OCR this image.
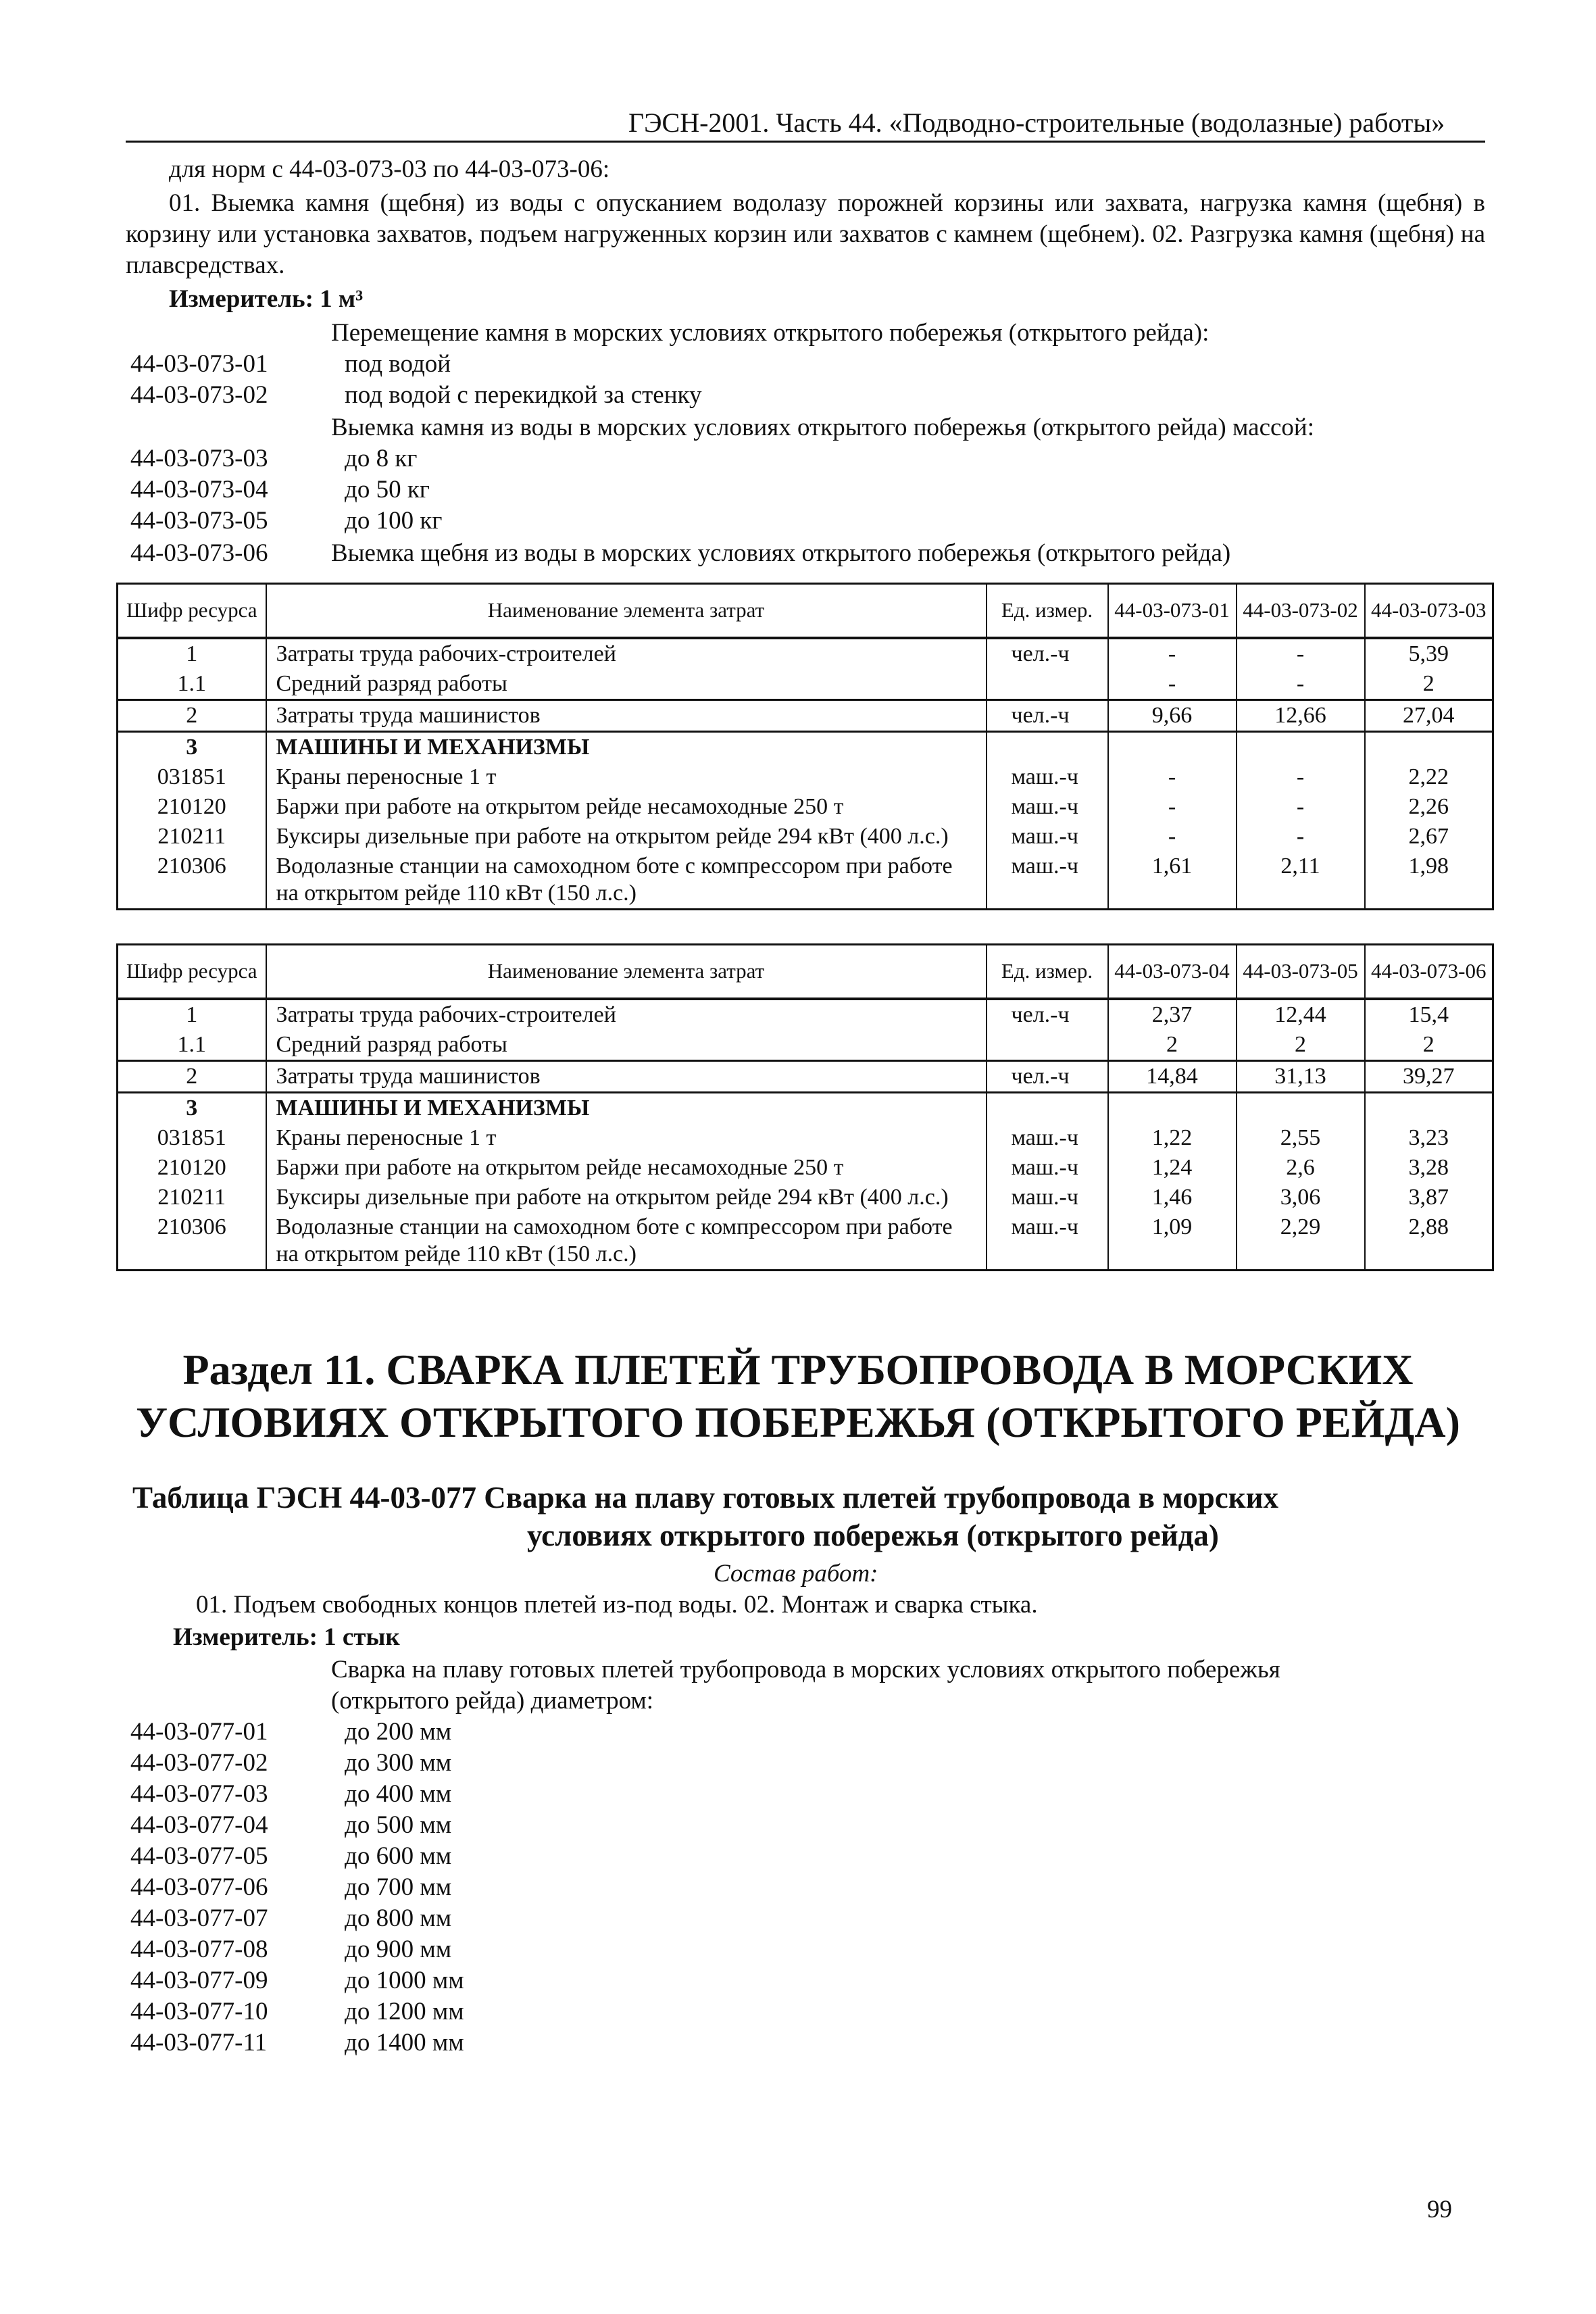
ГЭСН-2001. Часть 44. «Подводно-строительные (водолазные) работы»
для норм с 44-03-073-03 по 44-03-073-06:
01. Выемка камня (щебня) из воды с опусканием водолазу порожней корзины или захвата, нагрузка камня (щебня) в корзину или установка захватов, подъем нагруженных корзин или захватов с камнем (щебнем). 02. Разгрузка камня (щебня) на плавсредствах.
Измеритель: 1 м³
Перемещение камня в морских условиях открытого побережья (открытого рейда):
44-03-073-01	под водой
44-03-073-02	под водой с перекидкой за стенку
Выемка камня из воды в морских условиях открытого побережья (открытого рейда) массой:
44-03-073-03	до 8 кг
44-03-073-04	до 50 кг
44-03-073-05	до 100 кг
44-03-073-06	Выемка щебня из воды в морских условиях открытого побережья (открытого рейда)
Шифр ресурса	Наименование элемента затрат	Ед. измер.	44-03-073-01	44-03-073-02	44-03-073-03
1	Затраты труда рабочих-строителей	чел.-ч	-	-	5,39
1.1	Средний разряд работы		-	-	2
2	Затраты труда машинистов	чел.-ч	9,66	12,66	27,04
3	МАШИНЫ И МЕХАНИЗМЫ				
031851	Краны переносные 1 т	маш.-ч	-	-	2,22
210120	Баржи при работе на открытом рейде несамоходные 250 т	маш.-ч	-	-	2,26
210211	Буксиры дизельные при работе на открытом рейде 294 кВт (400 л.с.)	маш.-ч	-	-	2,67
210306	Водолазные станции на самоходном боте с компрессором при работе на открытом рейде 110 кВт (150 л.с.)	маш.-ч	1,61	2,11	1,98
Шифр ресурса	Наименование элемента затрат	Ед. измер.	44-03-073-04	44-03-073-05	44-03-073-06
1	Затраты труда рабочих-строителей	чел.-ч	2,37	12,44	15,4
1.1	Средний разряд работы		2	2	2
2	Затраты труда машинистов	чел.-ч	14,84	31,13	39,27
3	МАШИНЫ И МЕХАНИЗМЫ				
031851	Краны переносные 1 т	маш.-ч	1,22	2,55	3,23
210120	Баржи при работе на открытом рейде несамоходные 250 т	маш.-ч	1,24	2,6	3,28
210211	Буксиры дизельные при работе на открытом рейде 294 кВт (400 л.с.)	маш.-ч	1,46	3,06	3,87
210306	Водолазные станции на самоходном боте с компрессором при работе на открытом рейде 110 кВт (150 л.с.)	маш.-ч	1,09	2,29	2,88
Раздел 11. СВАРКА ПЛЕТЕЙ ТРУБОПРОВОДА В МОРСКИХ
УСЛОВИЯХ ОТКРЫТОГО ПОБЕРЕЖЬЯ (ОТКРЫТОГО РЕЙДА)
Таблица ГЭСН 44-03-077 Сварка на плаву готовых плетей трубопровода в морских
условиях открытого побережья (открытого рейда)
Состав работ:
01. Подъем свободных концов плетей из-под воды. 02. Монтаж и сварка стыка.
Измеритель: 1 стык
Сварка на плаву готовых плетей трубопровода в морских условиях открытого побережья
(открытого рейда) диаметром:
44-03-077-01	до 200 мм
44-03-077-02	до 300 мм
44-03-077-03	до 400 мм
44-03-077-04	до 500 мм
44-03-077-05	до 600 мм
44-03-077-06	до 700 мм
44-03-077-07	до 800 мм
44-03-077-08	до 900 мм
44-03-077-09	до 1000 мм
44-03-077-10	до 1200 мм
44-03-077-11	до 1400 мм
99
